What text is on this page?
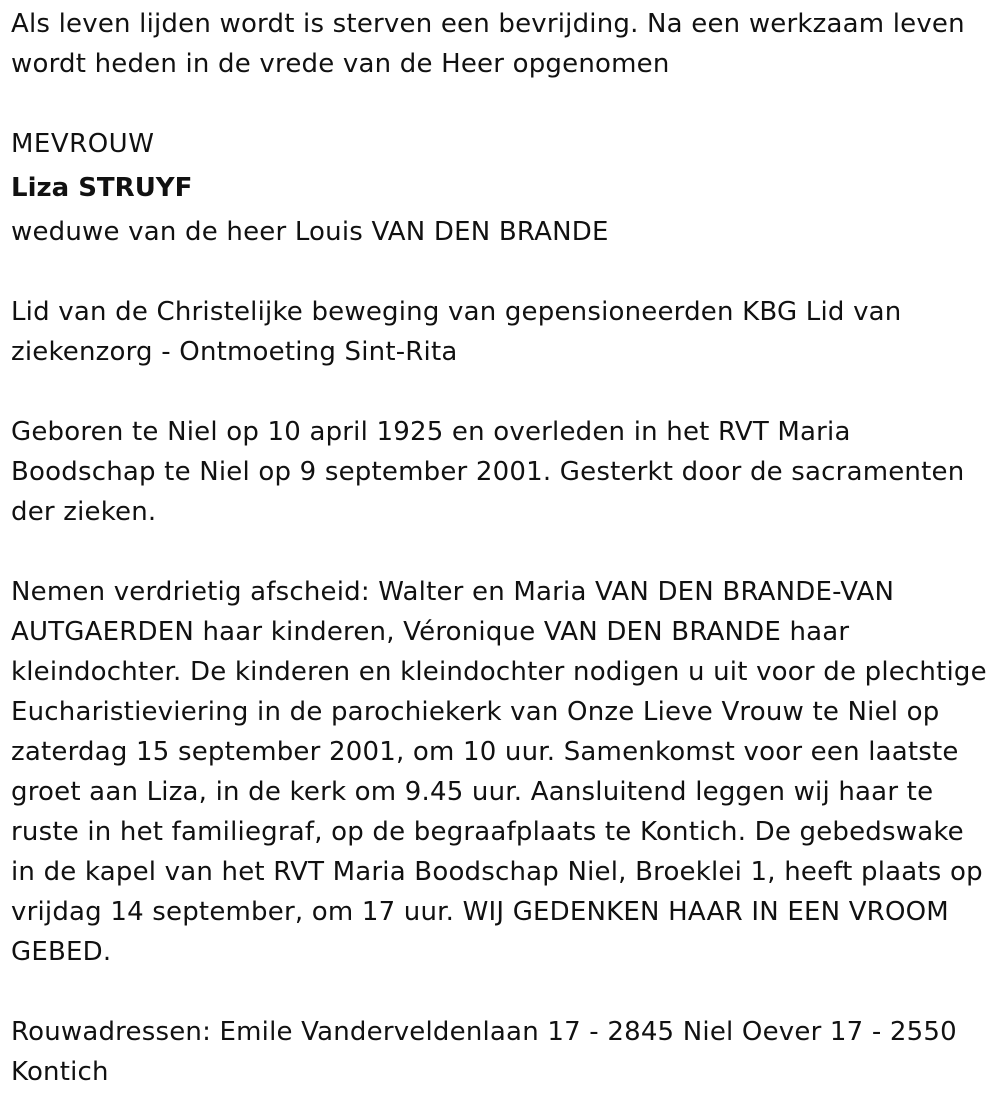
Als leven lijden wordt is sterven een bevrijding. Na een werkzaam leven wordt heden in de vrede van de Heer opgenomen

MEVROUW

Liza STRUYF

weduwe van de heer Louis VAN DEN BRANDE

Lid van de Christelijke beweging van gepensioneerden KBG Lid van ziekenzorg - Ontmoeting Sint-Rita

Geboren te Niel op 10 april 1925 en overleden in het RVT Maria Boodschap te Niel op 9 september 2001. Gesterkt door de sacramenten der zieken.

Nemen verdrietig afscheid: Walter en Maria VAN DEN BRANDE-VAN AUTGAERDEN haar kinderen, Véronique VAN DEN BRANDE haar kleindochter. De kinderen en kleindochter nodigen u uit voor de plechtige Eucharistieviering in de parochiekerk van Onze Lieve Vrouw te Niel op zaterdag 15 september 2001, om 10 uur. Samenkomst voor een laatste groet aan Liza, in de kerk om 9.45 uur. Aansluitend leggen wij haar te ruste in het familiegraf, op de begraafplaats te Kontich. De gebedswake in de kapel van het RVT Maria Boodschap Niel, Broeklei 1, heeft plaats op vrijdag 14 september, om 17 uur. WIJ GEDENKEN HAAR IN EEN VROOM GEBED.

Rouwadressen: Emile Vanderveldenlaan 17 - 2845 Niel Oever 17 - 2550 Kontich
